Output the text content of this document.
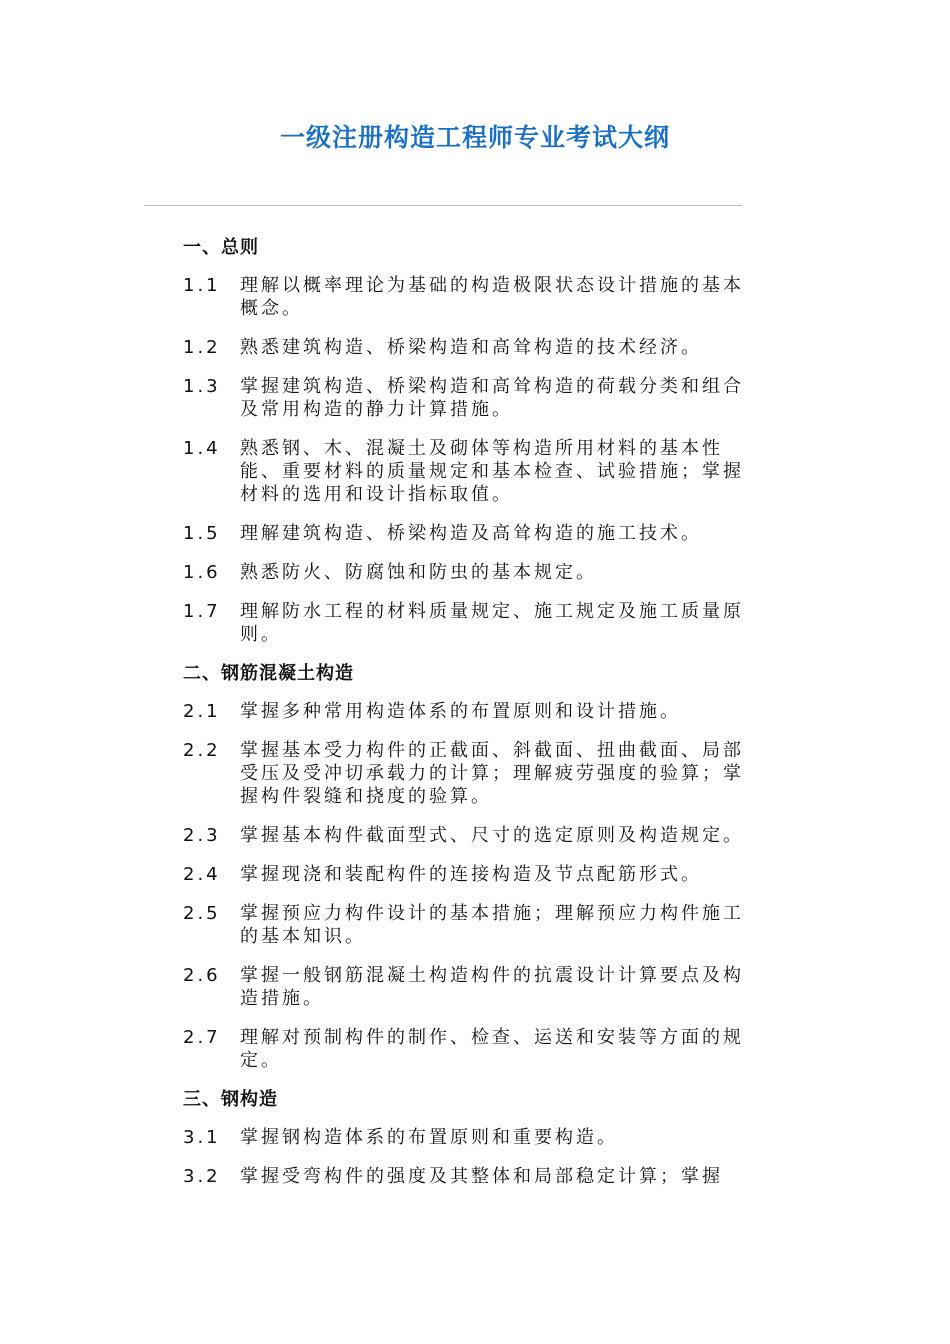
一级注册构造工程师专业考试大纲
一、总则
1.1	理解以概率理论为基础的构造极限状态设计措施的基本概念。
1.2	熟悉建筑构造、桥梁构造和高耸构造的技术经济。
1.3	掌握建筑构造、桥梁构造和高耸构造的荷载分类和组合及常用构造的静力计算措施。
1.4	熟悉钢、木、混凝土及砌体等构造所用材料的基本性能、重要材料的质量规定和基本检查、试验措施；掌握材料的选用和设计指标取值。
1.5	理解建筑构造、桥梁构造及高耸构造的施工技术。
1.6	熟悉防火、防腐蚀和防虫的基本规定。
1.7	理解防水工程的材料质量规定、施工规定及施工质量原则。
二、钢筋混凝土构造
2.1	掌握多种常用构造体系的布置原则和设计措施。
2.2	掌握基本受力构件的正截面、斜截面、扭曲截面、局部受压及受冲切承载力的计算；理解疲劳强度的验算；掌握构件裂缝和挠度的验算。
2.3	掌握基本构件截面型式、尺寸的选定原则及构造规定。
2.4	掌握现浇和装配构件的连接构造及节点配筋形式。
2.5	掌握预应力构件设计的基本措施；理解预应力构件施工的基本知识。
2.6	掌握一般钢筋混凝土构造构件的抗震设计计算要点及构造措施。
2.7	理解对预制构件的制作、检查、运送和安装等方面的规定。
三、钢构造
3.1	掌握钢构造体系的布置原则和重要构造。
3.2	掌握受弯构件的强度及其整体和局部稳定计算；掌握
